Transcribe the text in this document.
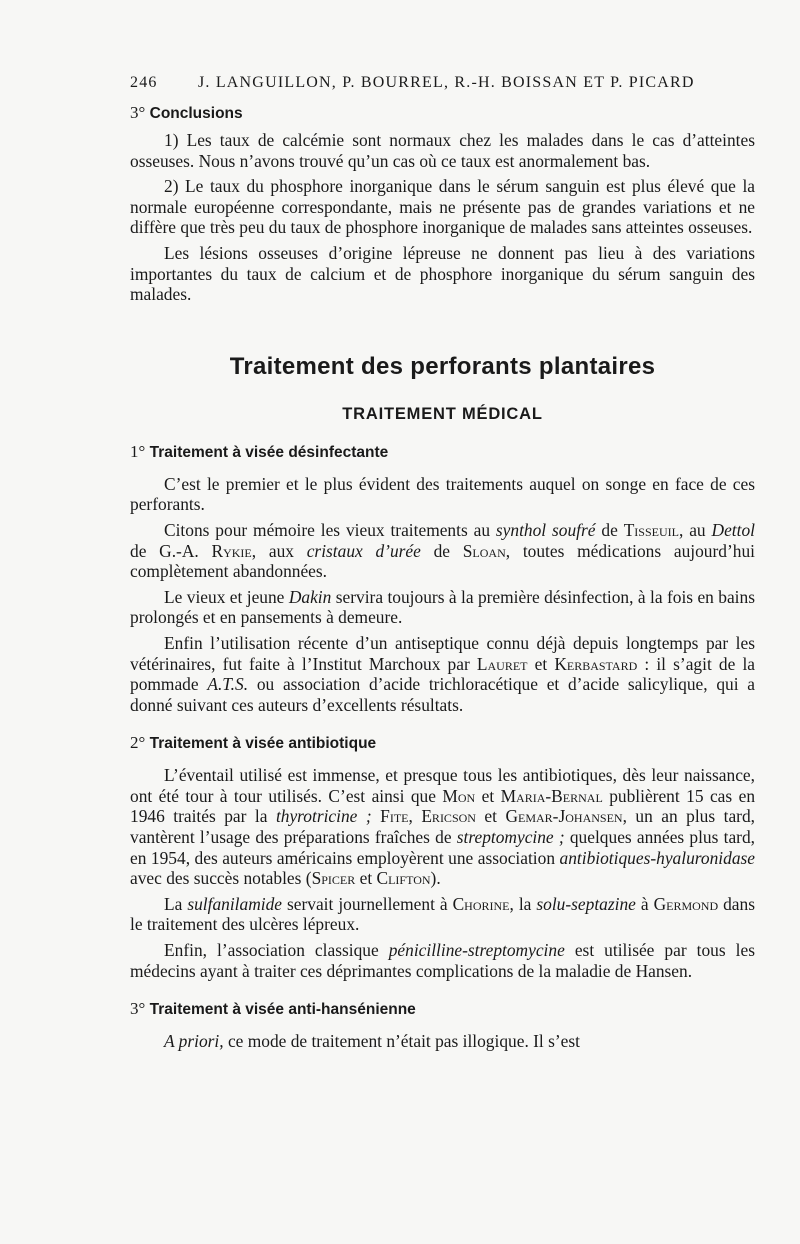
246	J. LANGUILLON, P. BOURREL, R.-H. BOISSAN ET P. PICARD
3° Conclusions

1) Les taux de calcémie sont normaux chez les malades dans le cas d’atteintes osseuses. Nous n’avons trouvé qu’un cas où ce taux est anormalement bas.

2) Le taux du phosphore inorganique dans le sérum sanguin est plus élevé que la normale européenne correspondante, mais ne présente pas de grandes variations et ne diffère que très peu du taux de phosphore inorganique de malades sans atteintes osseuses.

Les lésions osseuses d’origine lépreuse ne donnent pas lieu à des variations importantes du taux de calcium et de phosphore inorganique du sérum sanguin des malades.

Traitement des perforants plantaires
TRAITEMENT MÉDICAL
1° Traitement à visée désinfectante

C’est le premier et le plus évident des traitements auquel on songe en face de ces perforants.

Citons pour mémoire les vieux traitements au synthol soufré de Tisseuil, au Dettol de G.-A. Rykie, aux cristaux d’urée de Sloan, toutes médications aujourd’hui complètement abandonnées.

Le vieux et jeune Dakin servira toujours à la première désinfection, à la fois en bains prolongés et en pansements à demeure.

Enfin l’utilisation récente d’un antiseptique connu déjà depuis longtemps par les vétérinaires, fut faite à l’Institut Marchoux par Lauret et Kerbastard : il s’agit de la pommade A.T.S. ou association d’acide trichloracétique et d’acide salicylique, qui a donné suivant ces auteurs d’excellents résultats.

2° Traitement à visée antibiotique

L’éventail utilisé est immense, et presque tous les antibiotiques, dès leur naissance, ont été tour à tour utilisés. C’est ainsi que Mon et Maria-Bernal publièrent 15 cas en 1946 traités par la thyrotricine ; Fite, Ericson et Gemar-Johansen, un an plus tard, vantèrent l’usage des préparations fraîches de streptomycine ; quelques années plus tard, en 1954, des auteurs américains employèrent une association antibiotiques-hyaluronidase avec des succès notables (Spicer et Clifton).

La sulfanilamide servait journellement à Chorine, la solu-septazine à Germond dans le traitement des ulcères lépreux.

Enfin, l’association classique pénicilline-streptomycine est utilisée par tous les médecins ayant à traiter ces déprimantes complications de la maladie de Hansen.

3° Traitement à visée anti-hansénienne

A priori, ce mode de traitement n’était pas illogique. Il s’est
